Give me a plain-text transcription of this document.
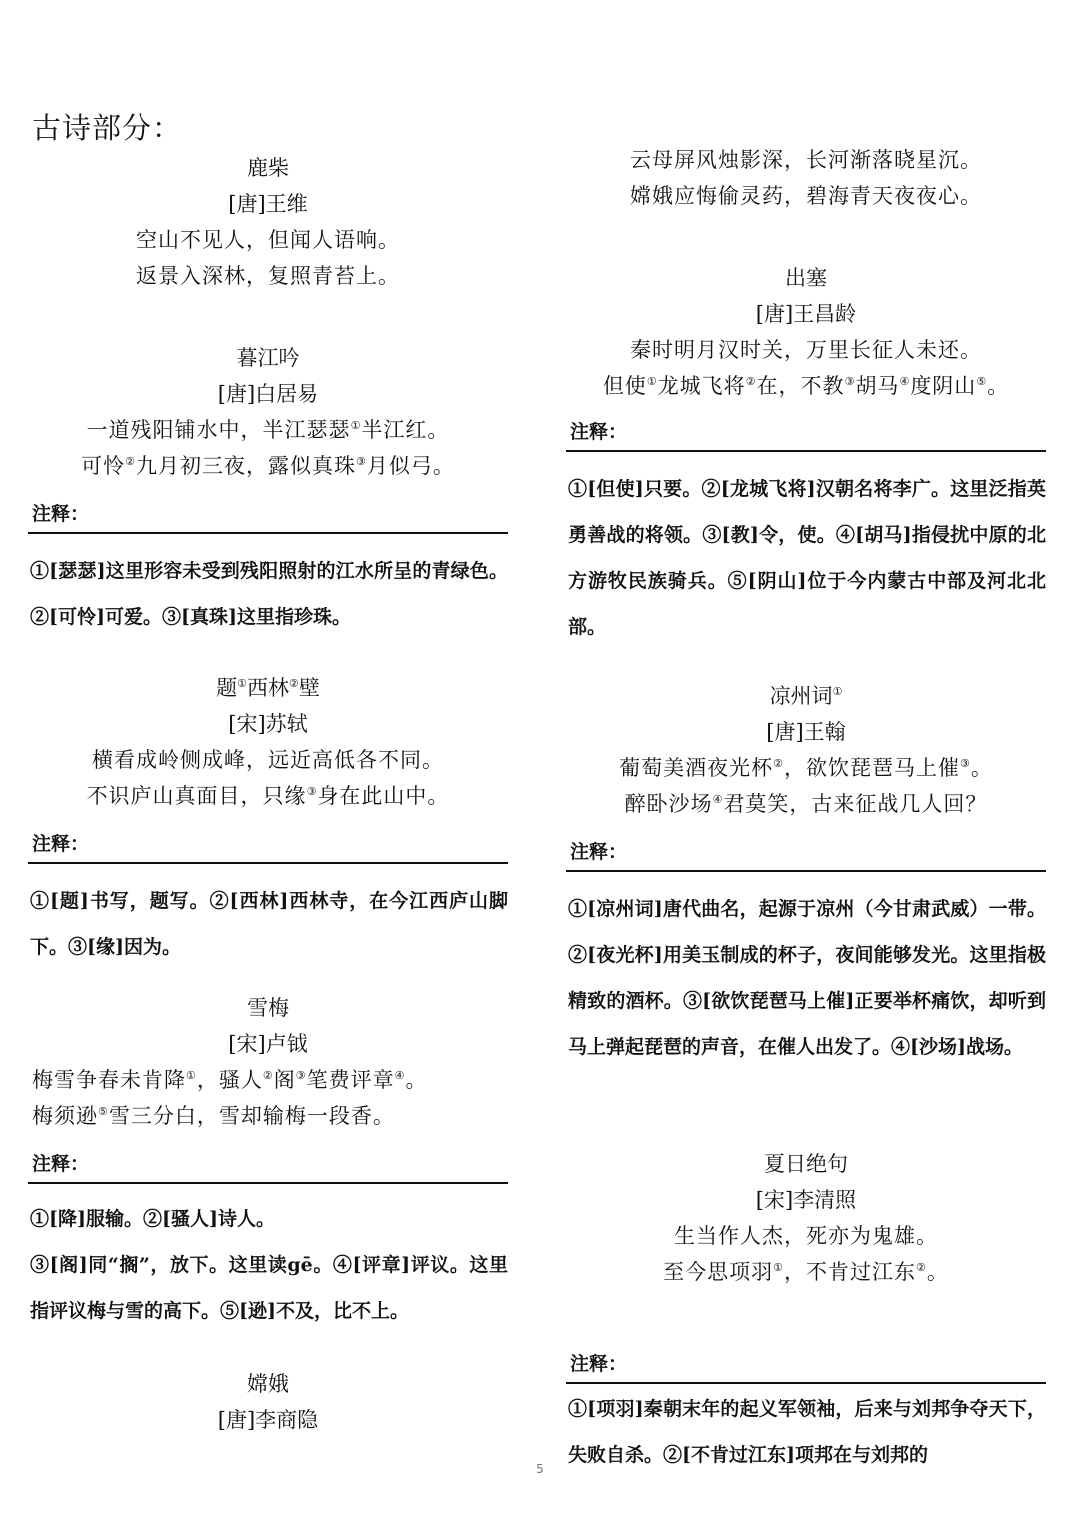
古诗部分：
鹿柴
[唐]王维
空山不见人，但闻人语响。
返景入深林，复照青苔上。
暮江吟
[唐]白居易
一道残阳铺水中，半江瑟瑟①半江红。
可怜②九月初三夜，露似真珠③月似弓。
注释：
①[瑟瑟]这里形容未受到残阳照射的江水所呈的青绿色。②[可怜]可爱。③[真珠]这里指珍珠。
题①西林②壁
[宋]苏轼
横看成岭侧成峰，远近高低各不同。
不识庐山真面目，只缘③身在此山中。
注释：
①[题]书写，题写。②[西林]西林寺，在今江西庐山脚下。③[缘]因为。
雪梅
[宋]卢钺
梅雪争春未肯降①，骚人②阁③笔费评章④。
梅须逊⑤雪三分白，雪却输梅一段香。
注释：
①[降]服输。②[骚人]诗人。
③[阁]同“搁”，放下。这里读gē。④[评章]评议。这里指评议梅与雪的高下。⑤[逊]不及，比不上。
嫦娥
[唐]李商隐
云母屏风烛影深，长河渐落晓星沉。
嫦娥应悔偷灵药，碧海青天夜夜心。
出塞
[唐]王昌龄
秦时明月汉时关，万里长征人未还。
但使①龙城飞将②在，不教③胡马④度阴山⑤。
注释：
①[但使]只要。②[龙城飞将]汉朝名将李广。这里泛指英勇善战的将领。③[教]令，使。④[胡马]指侵扰中原的北方游牧民族骑兵。⑤[阴山]位于今内蒙古中部及河北北部。
凉州词①
[唐]王翰
葡萄美酒夜光杯②，欲饮琵琶马上催③。
醉卧沙场④君莫笑，古来征战几人回？
注释：
①[凉州词]唐代曲名，起源于凉州（今甘肃武威）一带。②[夜光杯]用美玉制成的杯子，夜间能够发光。这里指极精致的酒杯。③[欲饮琵琶马上催]正要举杯痛饮，却听到马上弹起琵琶的声音，在催人出发了。④[沙场]战场。
夏日绝句
[宋]李清照
生当作人杰，死亦为鬼雄。
至今思项羽①，不肯过江东②。
注释：
①[项羽]秦朝末年的起义军领袖，后来与刘邦争夺天下，失败自杀。②[不肯过江东]项邦在与刘邦的
5
